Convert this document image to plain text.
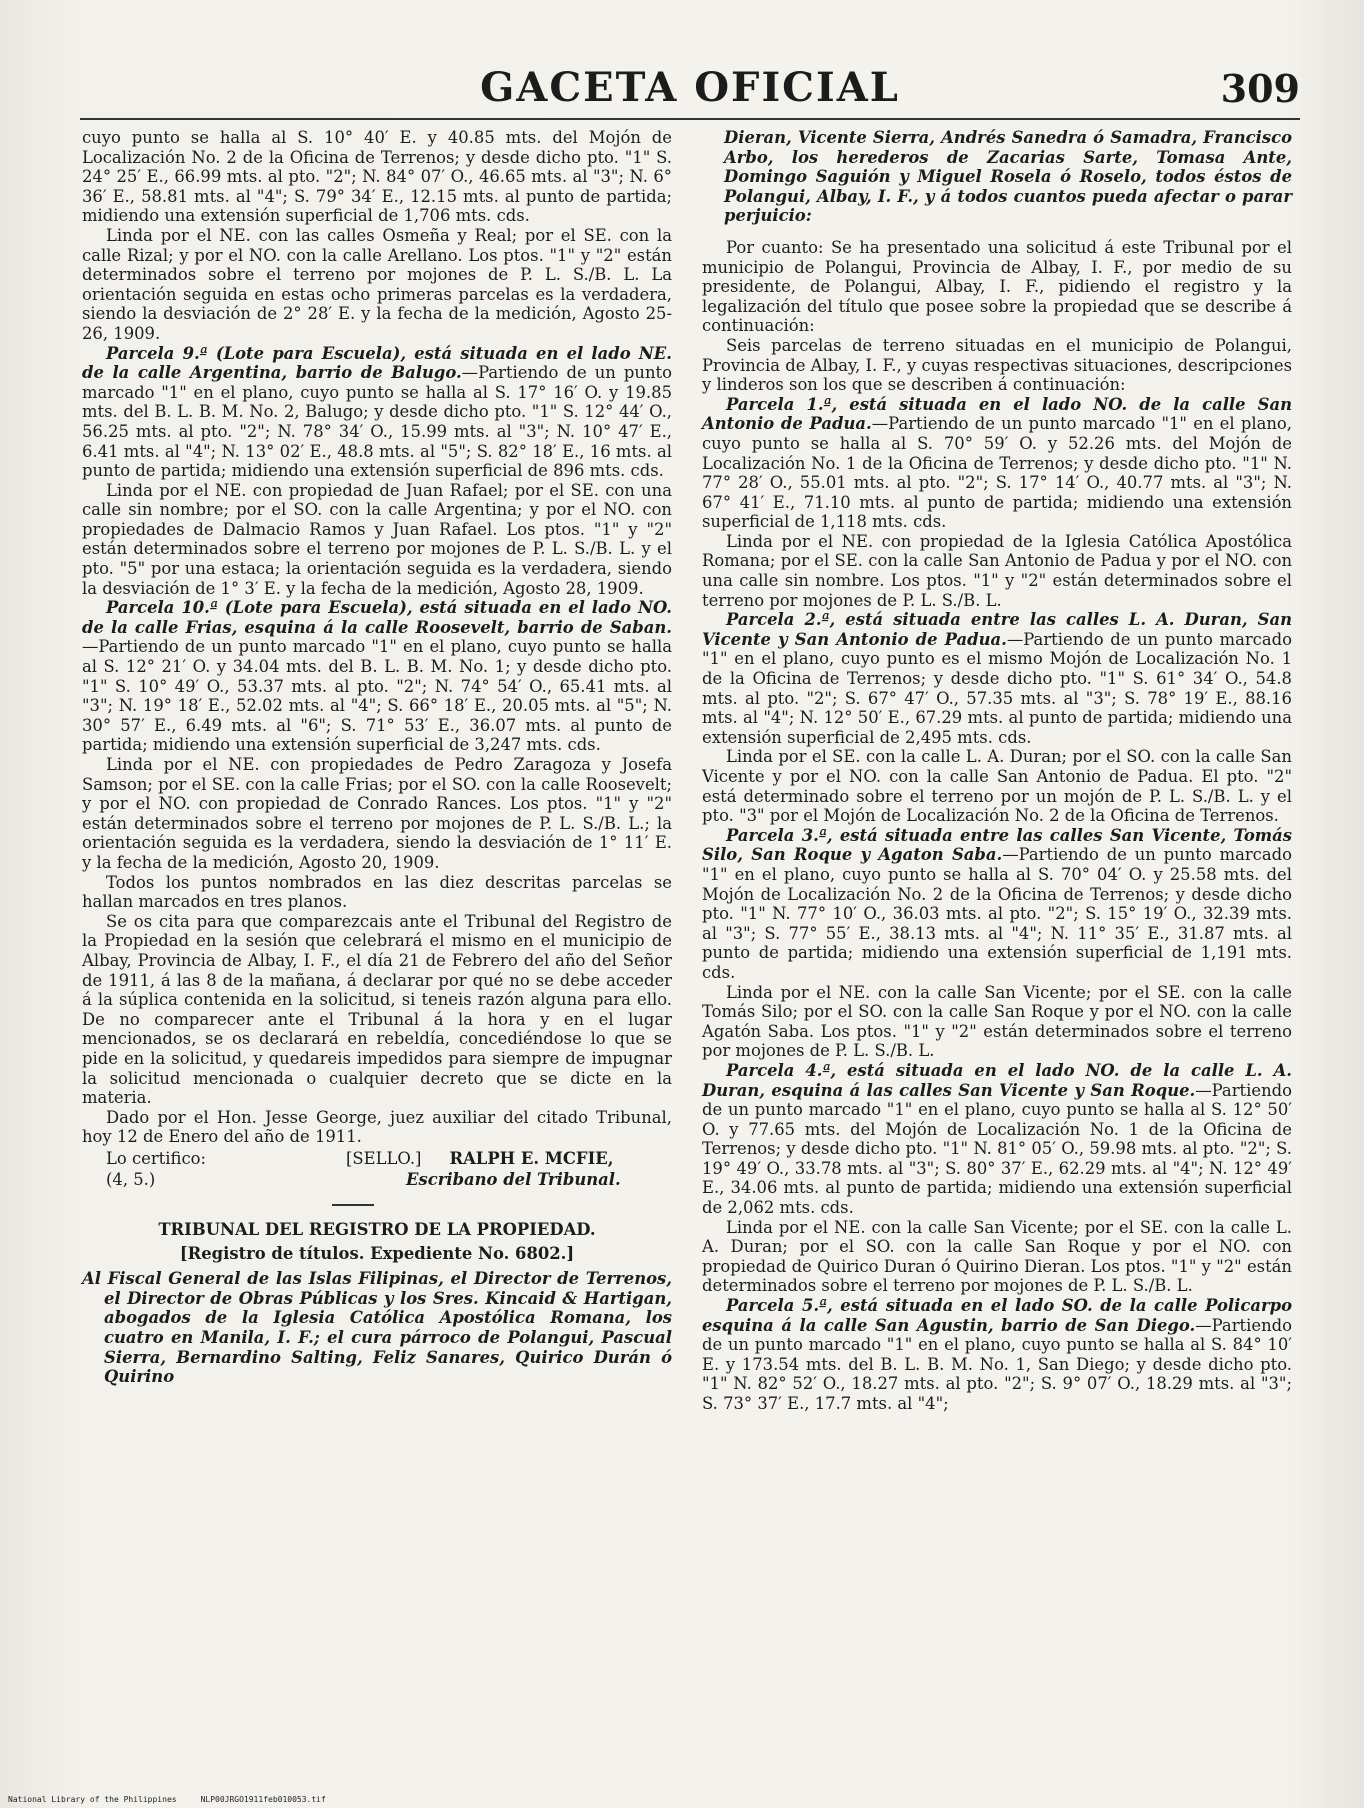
GACETA OFICIAL	309

cuyo punto se halla al S. 10° 40′ E. y 40.85 mts. del Mojón de Localización No. 2 de la Oficina de Terrenos; y desde dicho pto. "1" S. 24° 25′ E., 66.99 mts. al pto. "2"; N. 84° 07′ O., 46.65 mts. al "3"; N. 6° 36′ E., 58.81 mts. al "4"; S. 79° 34′ E., 12.15 mts. al punto de partida; midiendo una extensión superficial de 1,706 mts. cds.

Linda por el NE. con las calles Osmeña y Real; por el SE. con la calle Rizal; y por el NO. con la calle Arellano. Los ptos. "1" y "2" están determinados sobre el terreno por mojones de P. L. S./B. L. La orientación seguida en estas ocho primeras parcelas es la verdadera, siendo la desviación de 2° 28′ E. y la fecha de la medición, Agosto 25-26, 1909.

Parcela 9.ª (Lote para Escuela), está situada en el lado NE. de la calle Argentina, barrio de Balugo.—Partiendo de un punto marcado "1" en el plano, cuyo punto se halla al S. 17° 16′ O. y 19.85 mts. del B. L. B. M. No. 2, Balugo; y desde dicho pto. "1" S. 12° 44′ O., 56.25 mts. al pto. "2"; N. 78° 34′ O., 15.99 mts. al "3"; N. 10° 47′ E., 6.41 mts. al "4"; N. 13° 02′ E., 48.8 mts. al "5"; S. 82° 18′ E., 16 mts. al punto de partida; midiendo una extensión superficial de 896 mts. cds.

Linda por el NE. con propiedad de Juan Rafael; por el SE. con una calle sin nombre; por el SO. con la calle Argentina; y por el NO. con propiedades de Dalmacio Ramos y Juan Rafael. Los ptos. "1" y "2" están determinados sobre el terreno por mojones de P. L. S./B. L. y el pto. "5" por una estaca; la orientación seguida es la verdadera, siendo la desviación de 1° 3′ E. y la fecha de la medición, Agosto 28, 1909.

Parcela 10.ª (Lote para Escuela), está situada en el lado NO. de la calle Frias, esquina á la calle Roosevelt, barrio de Saban.—Partiendo de un punto marcado "1" en el plano, cuyo punto se halla al S. 12° 21′ O. y 34.04 mts. del B. L. B. M. No. 1; y desde dicho pto. "1" S. 10° 49′ O., 53.37 mts. al pto. "2"; N. 74° 54′ O., 65.41 mts. al "3"; N. 19° 18′ E., 52.02 mts. al "4"; S. 66° 18′ E., 20.05 mts. al "5"; N. 30° 57′ E., 6.49 mts. al "6"; S. 71° 53′ E., 36.07 mts. al punto de partida; midiendo una extensión superficial de 3,247 mts. cds.

Linda por el NE. con propiedades de Pedro Zaragoza y Josefa Samson; por el SE. con la calle Frias; por el SO. con la calle Roosevelt; y por el NO. con propiedad de Conrado Rances. Los ptos. "1" y "2" están determinados sobre el terreno por mojones de P. L. S./B. L.; la orientación seguida es la verdadera, siendo la desviación de 1° 11′ E. y la fecha de la medición, Agosto 20, 1909.

Todos los puntos nombrados en las diez descritas parcelas se hallan marcados en tres planos.

Se os cita para que comparezcais ante el Tribunal del Registro de la Propiedad en la sesión que celebrará el mismo en el municipio de Albay, Provincia de Albay, I. F., el día 21 de Febrero del año del Señor de 1911, á las 8 de la mañana, á declarar por qué no se debe acceder á la súplica contenida en la solicitud, si teneis razón alguna para ello. De no comparecer ante el Tribunal á la hora y en el lugar mencionados, se os declarará en rebeldía, concediéndose lo que se pide en la solicitud, y quedareis impedidos para siempre de impugnar la solicitud mencionada o cualquier decreto que se dicte en la materia.

Dado por el Hon. Jesse George, juez auxiliar del citado Tribunal, hoy 12 de Enero del año de 1911.

Lo certifico:	[SELLO.] RALPH E. MCFIE,
(4, 5.)	Escribano del Tribunal.

TRIBUNAL DEL REGISTRO DE LA PROPIEDAD.

[Registro de títulos. Expediente No. 6802.]

Al Fiscal General de las Islas Filipinas, el Director de Terrenos, el Director de Obras Públicas y los Sres. Kincaid & Hartigan, abogados de la Iglesia Católica Apostólica Romana, los cuatro en Manila, I. F.; el cura párroco de Polangui, Pascual Sierra, Bernardino Salting, Feliz Sanares, Quirico Durán ó Quirino

Dieran, Vicente Sierra, Andrés Sanedra ó Samadra, Francisco Arbo, los herederos de Zacarias Sarte, Tomasa Ante, Domingo Saguión y Miguel Rosela ó Roselo, todos éstos de Polangui, Albay, I. F., y á todos cuantos pueda afectar o parar perjuicio:

Por cuanto: Se ha presentado una solicitud á este Tribunal por el municipio de Polangui, Provincia de Albay, I. F., por medio de su presidente, de Polangui, Albay, I. F., pidiendo el registro y la legalización del título que posee sobre la propiedad que se describe á continuación:

Seis parcelas de terreno situadas en el municipio de Polangui, Provincia de Albay, I. F., y cuyas respectivas situaciones, descripciones y linderos son los que se describen á continuación:

Parcela 1.ª, está situada en el lado NO. de la calle San Antonio de Padua.—Partiendo de un punto marcado "1" en el plano, cuyo punto se halla al S. 70° 59′ O. y 52.26 mts. del Mojón de Localización No. 1 de la Oficina de Terrenos; y desde dicho pto. "1" N. 77° 28′ O., 55.01 mts. al pto. "2"; S. 17° 14′ O., 40.77 mts. al "3"; N. 67° 41′ E., 71.10 mts. al punto de partida; midiendo una extensión superficial de 1,118 mts. cds.

Linda por el NE. con propiedad de la Iglesia Católica Apostólica Romana; por el SE. con la calle San Antonio de Padua y por el NO. con una calle sin nombre. Los ptos. "1" y "2" están determinados sobre el terreno por mojones de P. L. S./B. L.

Parcela 2.ª, está situada entre las calles L. A. Duran, San Vicente y San Antonio de Padua.—Partiendo de un punto marcado "1" en el plano, cuyo punto es el mismo Mojón de Localización No. 1 de la Oficina de Terrenos; y desde dicho pto. "1" S. 61° 34′ O., 54.8 mts. al pto. "2"; S. 67° 47′ O., 57.35 mts. al "3"; S. 78° 19′ E., 88.16 mts. al "4"; N. 12° 50′ E., 67.29 mts. al punto de partida; midiendo una extensión superficial de 2,495 mts. cds.

Linda por el SE. con la calle L. A. Duran; por el SO. con la calle San Vicente y por el NO. con la calle San Antonio de Padua. El pto. "2" está determinado sobre el terreno por un mojón de P. L. S./B. L. y el pto. "3" por el Mojón de Localización No. 2 de la Oficina de Terrenos.

Parcela 3.ª, está situada entre las calles San Vicente, Tomás Silo, San Roque y Agaton Saba.—Partiendo de un punto marcado "1" en el plano, cuyo punto se halla al S. 70° 04′ O. y 25.58 mts. del Mojón de Localización No. 2 de la Oficina de Terrenos; y desde dicho pto. "1" N. 77° 10′ O., 36.03 mts. al pto. "2"; S. 15° 19′ O., 32.39 mts. al "3"; S. 77° 55′ E., 38.13 mts. al "4"; N. 11° 35′ E., 31.87 mts. al punto de partida; midiendo una extensión superficial de 1,191 mts. cds.

Linda por el NE. con la calle San Vicente; por el SE. con la calle Tomás Silo; por el SO. con la calle San Roque y por el NO. con la calle Agatón Saba. Los ptos. "1" y "2" están determinados sobre el terreno por mojones de P. L. S./B. L.

Parcela 4.ª, está situada en el lado NO. de la calle L. A. Duran, esquina á las calles San Vicente y San Roque.—Partiendo de un punto marcado "1" en el plano, cuyo punto se halla al S. 12° 50′ O. y 77.65 mts. del Mojón de Localización No. 1 de la Oficina de Terrenos; y desde dicho pto. "1" N. 81° 05′ O., 59.98 mts. al pto. "2"; S. 19° 49′ O., 33.78 mts. al "3"; S. 80° 37′ E., 62.29 mts. al "4"; N. 12° 49′ E., 34.06 mts. al punto de partida; midiendo una extensión superficial de 2,062 mts. cds.

Linda por el NE. con la calle San Vicente; por el SE. con la calle L. A. Duran; por el SO. con la calle San Roque y por el NO. con propiedad de Quirico Duran ó Quirino Dieran. Los ptos. "1" y "2" están determinados sobre el terreno por mojones de P. L. S./B. L.

Parcela 5.ª, está situada en el lado SO. de la calle Policarpo esquina á la calle San Agustin, barrio de San Diego.—Partiendo de un punto marcado "1" en el plano, cuyo punto se halla al S. 84° 10′ E. y 173.54 mts. del B. L. B. M. No. 1, San Diego; y desde dicho pto. "1" N. 82° 52′ O., 18.27 mts. al pto. "2"; S. 9° 07′ O., 18.29 mts. al "3"; S. 73° 37′ E., 17.7 mts. al "4";

National Library of the Philippines	NLP00JRGO1911feb010053.tif
